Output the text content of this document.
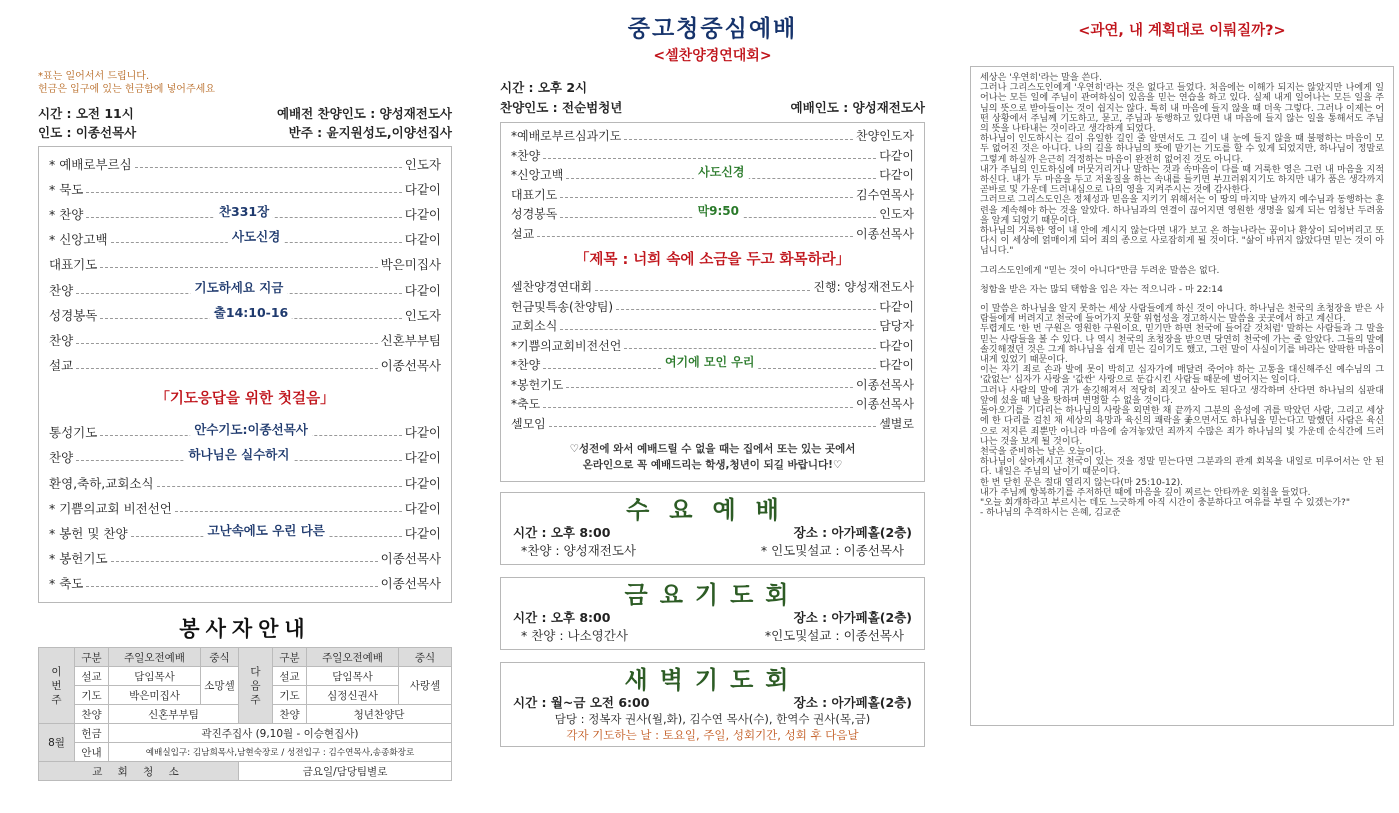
*표는 일어서서 드립니다.
헌금은 입구에 있는 헌금함에 넣어주세요
시간 : 오전 11시	예배전 찬양인도 : 양성재전도사
인도 : 이종선목사	반주 : 윤지원성도,이양선집사
* 예배로부르심	인도자
* 묵도	다같이
* 찬양	찬331장	다같이
* 신앙고백	사도신경	다같이
대표기도	박은미집사
찬양	기도하세요 지금	다같이
성경봉독	출14:10-16	인도자
찬양	신혼부부팀
설교	이종선목사
「기도응답을 위한 첫걸음」
통성기도	안수기도:이종선목사	다같이
찬양	하나님은 실수하지	다같이
환영,축하,교회소식	다같이
* 기쁨의교회 비전선언	다같이
* 봉헌 및 찬양	고난속에도 우린 다른	다같이
* 봉헌기도	이종선목사
* 축도	이종선목사
봉사자안내
이번주	구분	주일오전예배	중식	다음주	구분	주일오전예배	중식
	설교	담임목사	소망셀		설교	담임목사	사랑셀
	기도	박은미집사			기도	심정신권사	
	찬양	신혼부부팀			찬양	청년찬양단	
8월	헌금	곽진주집사 (9,10월 - 이승현집사)					
	안내	예배실입구: 김남희목사,남현숙장로 / 성전입구 : 김수연목사,송종화장로					
교 회 청 소				금요일/담당팀별로			
중고청중심예배
<셀찬양경연대회>
시간 : 오후 2시
찬양인도 : 전순범청년	예배인도 : 양성재전도사
*예배로부르심과기도	찬양인도자
*찬양	다같이
*신앙고백	사도신경	다같이
대표기도	김수연목사
성경봉독	막9:50	인도자
설교	이종선목사
「제목 : 너희 속에 소금을 두고 화목하라」
셀찬양경연대회	진행: 양성재전도사
헌금및특송(찬양팀)	다같이
교회소식	담당자
*기쁨의교회비전선언	다같이
*찬양	여기에 모인 우리	다같이
*봉헌기도	이종선목사
*축도	이종선목사
셀모임	셀별로
♡성전에 와서 예배드릴 수 없을 때는 집에서 또는 있는 곳에서
온라인으로 꼭 예배드리는 학생,청년이 되길 바랍니다!♡
수요예배
시간 : 오후 8:00	장소 : 아가페홀(2층)
*찬양 : 양성재전도사	* 인도및설교 : 이종선목사
금요기도회
시간 : 오후 8:00	장소 : 아가페홀(2층)
* 찬양 : 나소영간사	*인도및설교 : 이종선목사
새벽기도회
시간 : 월~금 오전 6:00	장소 : 아가페홀(2층)
담당 : 정복자 권사(월,화), 김수연 목사(수), 한역수 권사(목,금)
각자 기도하는 날 : 토요일, 주일, 성회기간, 성회 후 다음날
<과연, 내 계획대로 이뤄질까?>

세상은 '우연히'라는 말을 쓴다.

그러나 그리스도인에게 '우연히'라는 것은 없다고 들었다. 처음에는 이해가 되지는 않았지만 나에게 일어나는 모든 일에 주님이 관여하심이 있음을 믿는 연습을 하고 있다. 실제 내게 일어나는 모든 일을 주님의 뜻으로 받아들이는 것이 쉽지는 않다. 특히 내 마음에 들지 않을 때 더욱 그렇다. 그러나 이제는 어떤 상황에서 주님께 기도하고, 묻고, 주님과 동행하고 있다면 내 마음에 들지 않는 일을 통해서도 주님의 뜻을 나타내는 것이라고 생각하게 되었다.

하나님이 인도하시는 길이 유일한 길인 줄 알면서도 그 길이 내 눈에 들지 않을 때 불평하는 마음이 모두 없어진 것은 아니다. 나의 길을 하나님의 뜻에 맡기는 기도를 할 수 있게 되었지만, 하나님이 정말로 그렇게 하실까 은근히 걱정하는 마음이 완전히 없어진 것도 아니다.

내가 주님의 인도하심에 머뭇거리거나 말하는 것과 속마음이 다를 때 거룩한 영은 그런 내 마음을 지적하신다. 내가 두 마음을 두고 저울질을 하는 속내를 들키면 부끄러워지기도 하지만 내가 품은 생각까지 곧바로 및 가운데 드러내심으로 나의 영을 지켜주시는 것에 감사한다.

그러므로 그리스도인은 정체성과 믿음을 지키기 위해서는 이 땅의 마지막 날까지 예수님과 동행하는 훈련을 계속해야 하는 것을 알았다. 하나님과의 연결이 끊어지면 영원한 생명을 잃게 되는 엄청난 두려움을 알게 되었기 때문이다.

하나님의 거룩한 영이 내 안에 계시지 않는다면 내가 보고 온 하늘나라는 꿈이나 환상이 되어버리고 또다시 이 세상에 얽매이게 되어 죄의 종으로 사로잡히게 될 것이다. "삶이 바뀌지 않았다면 믿는 것이 아닙니다."

그리스도인에게 "믿는 것이 아니다"만큼 두려운 말씀은 없다.

청함을 받은 자는 많되 택함을 입은 자는 적으니라 - 마 22:14

이 말씀은 하나님을 알지 못하는 세상 사람들에게 하신 것이 아니다. 하나님은 천국의 초청장을 받은 사람들에게 버려지고 천국에 들어가지 못할 위험성을 경고하시는 말씀을 곳곳에서 하고 계신다.

두렵게도 '한 번 구원은 영원한 구원이요, 믿기만 하면 천국에 들어갈 것처럼' 말하는 사람들과 그 말을 믿는 사람들을 볼 수 있다. 나 역시 천국의 초청장을 받으면 당연히 천국에 가는 줄 알았다. 그들의 말에 솔깃해졌던 것은 그게 하나님을 쉽게 믿는 길이기도 했고, 그런 말이 사실이기를 바라는 얄팍한 마음이 내게 있었기 때문이다.

이는 자기 죄로 손과 발에 못이 박히고 십자가에 매달려 죽어야 하는 고통을 대신해주신 예수님의 그 '값없는' 십자가 사랑을 '값싼' 사랑으로 둔갑시킨 사람들 때문에 벌어지는 일이다.

그러나 사람의 말에 귀가 솔깃해져서 적당히 죄짓고 살아도 된다고 생각하며 산다면 하나님의 심판대 앞에 섰을 때 날을 탓하며 변명할 수 없을 것이다.

돌아오기를 기다리는 하나님의 사랑을 외면한 채 끝까지 그분의 음성에 귀를 막았던 사람, 그리고 세상에 한 다리를 걸친 채 세상의 욕망과 육신의 쾌락을 좇으면서도 하나님을 믿는다고 말했던 사람은 육신으로 저지른 죄뿐만 아니라 마음에 숨겨놓았던 죄까지 수많은 죄가 하나님의 빛 가운데 순식간에 드러나는 것을 보게 될 것이다.

천국을 준비하는 날은 오늘이다.

하나님이 살아계시고 천국이 있는 것을 정말 믿는다면 그분과의 관계 회복을 내일로 미루어서는 안 된다. 내일은 주님의 날이기 때문이다.

한 번 닫힌 문은 절대 열리지 않는다(마 25:10-12).

내가 주님께 항복하기를 주저하던 때에 마음을 깊이 찌르는 안타까운 외침을 들었다.

"오늘 회개하라고 부르시는 데도 느긋하게 아직 시간이 충분하다고 여유를 부릴 수 있겠는가?"

- 하나님의 추격하시는 은혜, 김교준
